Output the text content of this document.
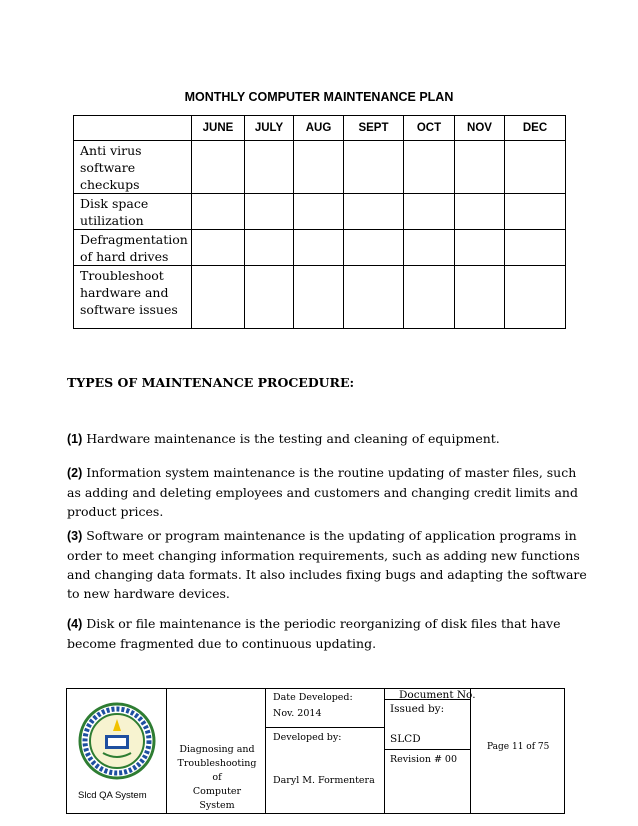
MONTHLY COMPUTER MAINTENANCE PLAN
	JUNE	JULY	AUG	SEPT	OCT	NOV	DEC
Anti virus software checkups							
Disk space utilization							
Defragmentation of hard drives							
Troubleshoot hardware and software issues							
TYPES OF MAINTENANCE PROCEDURE:
(1) Hardware maintenance is the testing and cleaning of equipment.
(2) Information system maintenance is the routine updating of master files, such as adding and deleting employees and customers and changing credit limits and product prices.
(3) Software or program maintenance is the updating of application programs in order to meet changing information requirements, such as adding new functions and changing data formats. It also includes fixing bugs and adapting the software to new hardware devices.
(4) Disk or file maintenance is the periodic reorganizing of disk files that have become fragmented due to continuous updating.
Slcd QA System
Diagnosing and
Troubleshooting of
Computer System
Date Developed:
Nov. 2014
Developed by:
Daryl M. Formentera
Document No.
Issued by:
SLCD
Revision # 00
Page 11 of 75
